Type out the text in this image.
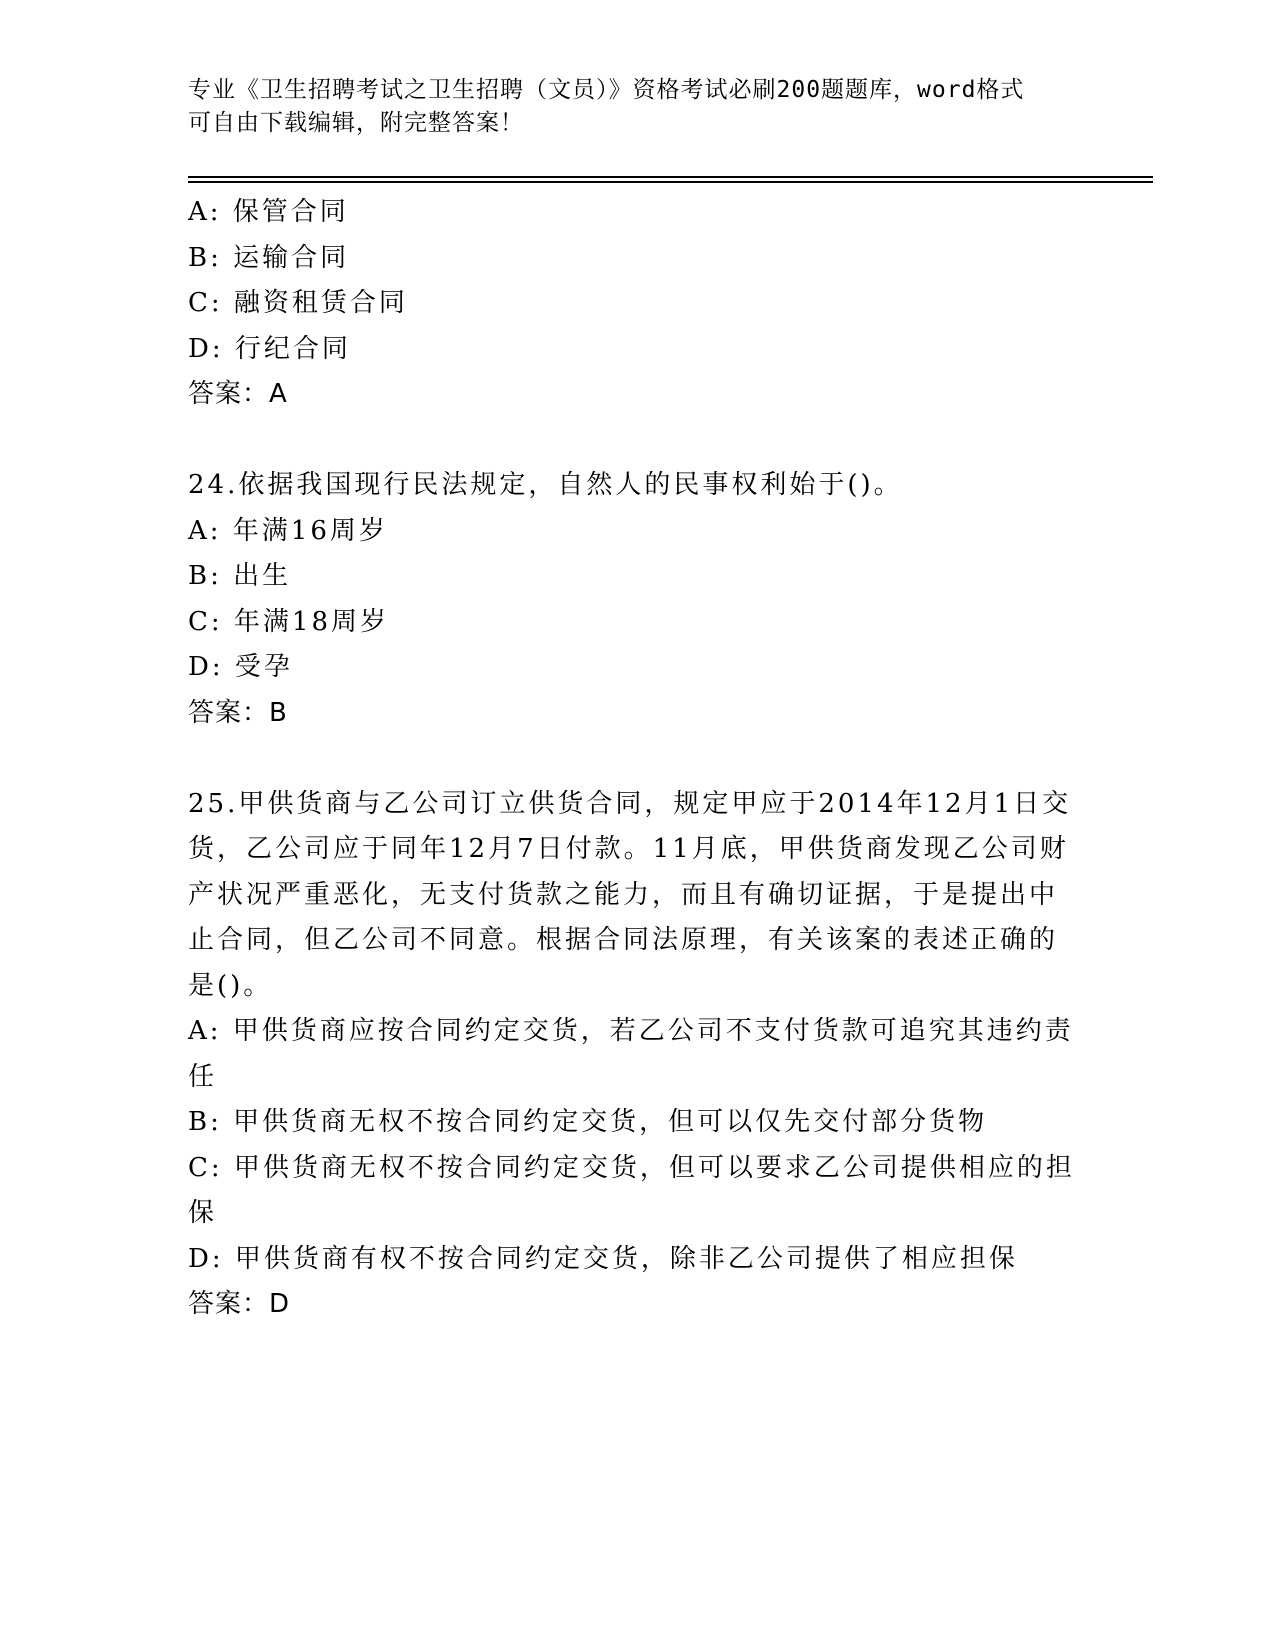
专业《卫生招聘考试之卫生招聘（文员）》资格考试必刷200题题库，word格式
可自由下载编辑，附完整答案！
A: 保管合同
B: 运输合同
C: 融资租赁合同
D: 行纪合同
答案：A
24.依据我国现行民法规定，自然人的民事权利始于()。
A: 年满16周岁
B: 出生
C: 年满18周岁
D: 受孕
答案：B
25.甲供货商与乙公司订立供货合同，规定甲应于2014年12月1日交
货，乙公司应于同年12月7日付款。11月底，甲供货商发现乙公司财
产状况严重恶化，无支付货款之能力，而且有确切证据，于是提出中
止合同，但乙公司不同意。根据合同法原理，有关该案的表述正确的
是()。
A: 甲供货商应按合同约定交货，若乙公司不支付货款可追究其违约责
任
B: 甲供货商无权不按合同约定交货，但可以仅先交付部分货物
C: 甲供货商无权不按合同约定交货，但可以要求乙公司提供相应的担
保
D: 甲供货商有权不按合同约定交货，除非乙公司提供了相应担保
答案：D
